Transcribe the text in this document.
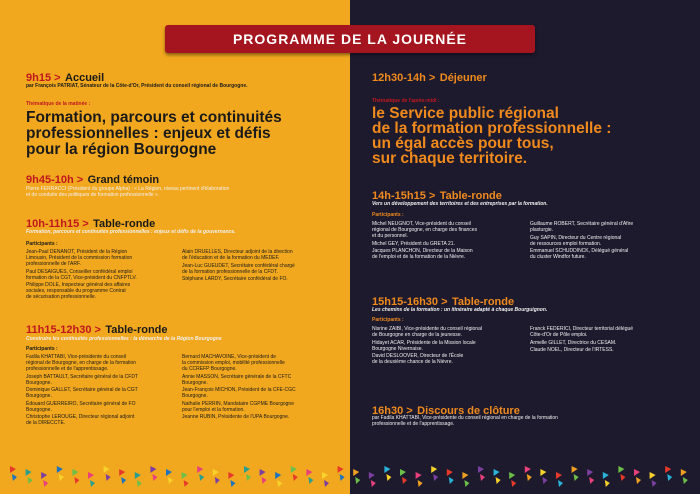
PROGRAMME DE LA JOURNÉE
9h15 > Accueil
par François PATRIAT, Sénateur de la Côte-d'Or, Président du conseil régional de Bourgogne.
Thématique de la matinée :
Formation, parcours et continuités
professionnelles : enjeux et défis
pour la région Bourgogne
9h45-10h > Grand témoin
Pierre FERRACCI (Président du groupe Alpha) : « La Région, niveau pertinent d'élaboration
et de conduite des politiques de formation professionnelle ».
10h-11h15 > Table-ronde
Formation, parcours et continuités professionnelles : enjeux et défis de la gouvernance.
Participants :
Jean-Paul DENANOT, Président de la Région
Limousin, Président de la commission formation
professionnelle de l'ARF.
Paul DESAIGUES, Conseiller confédéral emploi
formation de la CGT, Vice-président du CNFPTLV.
Philippe DOLE, Inspecteur général des affaires
sociales, responsable du programme Contrat
de sécurisation professionnelle.
Alain DRUELLES, Directeur adjoint de la direction
de l'éducation et de la formation du MEDEF.
Jean-Luc GUEUDET, Secrétaire confédéral chargé
de la formation professionnelle de la CFDT.
Stéphane LARDY, Secrétaire confédéral de FO.
11h15-12h30 > Table-ronde
Construire les continuités professionnelles : la démarche de la Région Bourgogne
Participants :
Fadila KHATTABI, Vice-présidente du conseil
régional de Bourgogne, en charge de la formation
professionnelle et de l'apprentissage.
Joseph BATTAULT, Secrétaire général de la CFDT
Bourgogne.
Dominique GALLET, Secrétaire général de la CGT
Bourgogne.
Édouard GUERREIRO, Secrétaire général de FO
Bourgogne.
Christophe LEROUGE, Directeur régional adjoint
de la DIRECCTE.
Bernard MACHAVOINE, Vice-président de
la commission emploi, mobilité professionnelle
du CCREFP Bourgogne.
Annie MASSON, Secrétaire générale de la CFTC
Bourgogne.
Jean-François MICHON, Président de la CFE-CGC
Bourgogne.
Nathalie PERRIN, Mandataire CGPME Bourgogne
pour l'emploi et la formation.
Jeanne RUBIN, Présidente de l'UPA Bourgogne.
12h30-14h > Déjeuner
Thématique de l'après-midi :
le Service public régional
de la formation professionnelle :
un égal accès pour tous,
sur chaque territoire.
14h-15h15 > Table-ronde
Vers un développement des territoires et des entreprises par la formation.
Participants :
Michel NEUGNOT, Vice-président du conseil
régional de Bourgogne, en charge des finances
et du personnel.
Michel GEY, Président du GRETA 21.
Jacques PLANCHON, Directeur de la Maison
de l'emploi et de la formation de la Nièvre.
Guillaume ROBERT, Secrétaire général d'Afire
plasturgie.
Guy SAPIN, Directeur du Centre régional
de ressources emploi formation.
Emmanuel SCHUDDINCK, Délégué général
du cluster Windfor future.
15h15-16h30 > Table-ronde
Les chemins de la formation : un itinéraire adapté à chaque Bourguignon.
Participants :
Nisrine ZAIBI, Vice-présidente du conseil régional
de Bourgogne en charge de la jeunesse.
Hidayet ACAR, Présidente de la Mission locale
Bourgogne Nivernaise.
David DESLOOVER, Directeur de l'École
de la deuxième chance de la Nièvre.
Franck FEDERICI, Directeur territorial délégué
Côte-d'Or de Pôle emploi.
Armelle GILLET, Directrice du CESAM.
Claude NOEL, Directeur de l'IRTESS.
16h30 > Discours de clôture
par Fadila KHATTABI, Vice-présidente du conseil régional en charge de la formation
professionnelle et de l'apprentissage.
